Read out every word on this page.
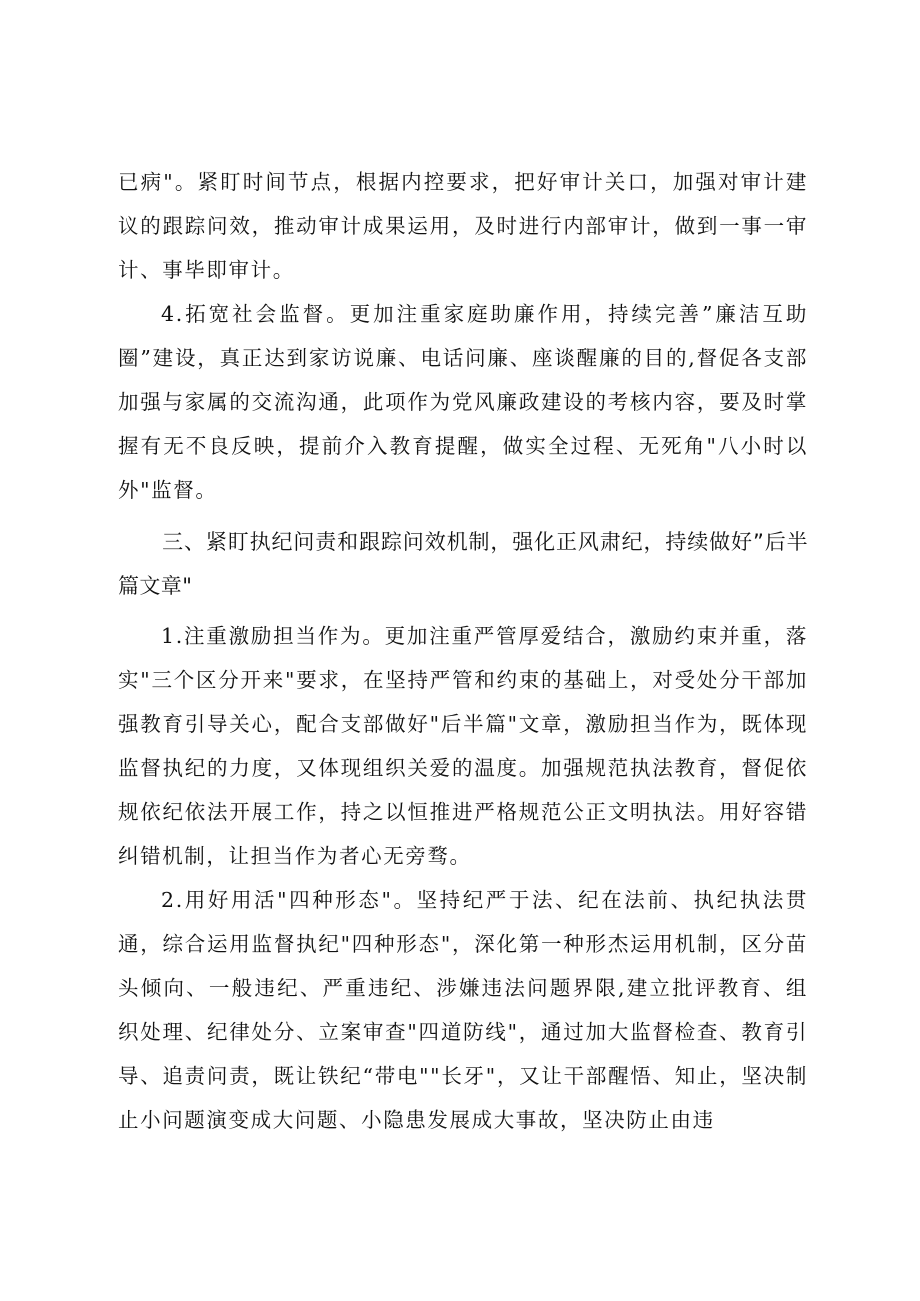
已病"。紧盯时间节点，根据内控要求，把好审计关口，加强对审计建议的跟踪问效，推动审计成果运用，及时进行内部审计，做到一事一审计、事毕即审计。

4.拓宽社会监督。更加注重家庭助廉作用，持续完善”廉洁互助圈”建设，真正达到家访说廉、电话问廉、座谈醒廉的目的,督促各支部加强与家属的交流沟通，此项作为党风廉政建设的考核内容，要及时掌握有无不良反映，提前介入教育提醒，做实全过程、无死角"八小时以外"监督。

三、紧盯执纪问责和跟踪问效机制，强化正风肃纪，持续做好”后半篇文章"

1.注重激励担当作为。更加注重严管厚爱结合，激励约束并重，落实"三个区分开来"要求，在坚持严管和约束的基础上，对受处分干部加强教育引导关心，配合支部做好"后半篇"文章，激励担当作为，既体现监督执纪的力度，又体现组织关爱的温度。加强规范执法教育，督促依规依纪依法开展工作，持之以恒推进严格规范公正文明执法。用好容错纠错机制，让担当作为者心无旁骛。

2.用好用活"四种形态"。坚持纪严于法、纪在法前、执纪执法贯通，综合运用监督执纪"四种形态"，深化第一种形杰运用机制，区分苗头倾向、一般违纪、严重违纪、涉嫌违法问题界限,建立批评教育、组织处理、纪律处分、立案审查"四道防线"，通过加大监督检查、教育引导、追责问责，既让铁纪“带电""长牙"，又让干部醒悟、知止，坚决制止小问题演变成大问题、小隐患发展成大事故，坚决防止由违
